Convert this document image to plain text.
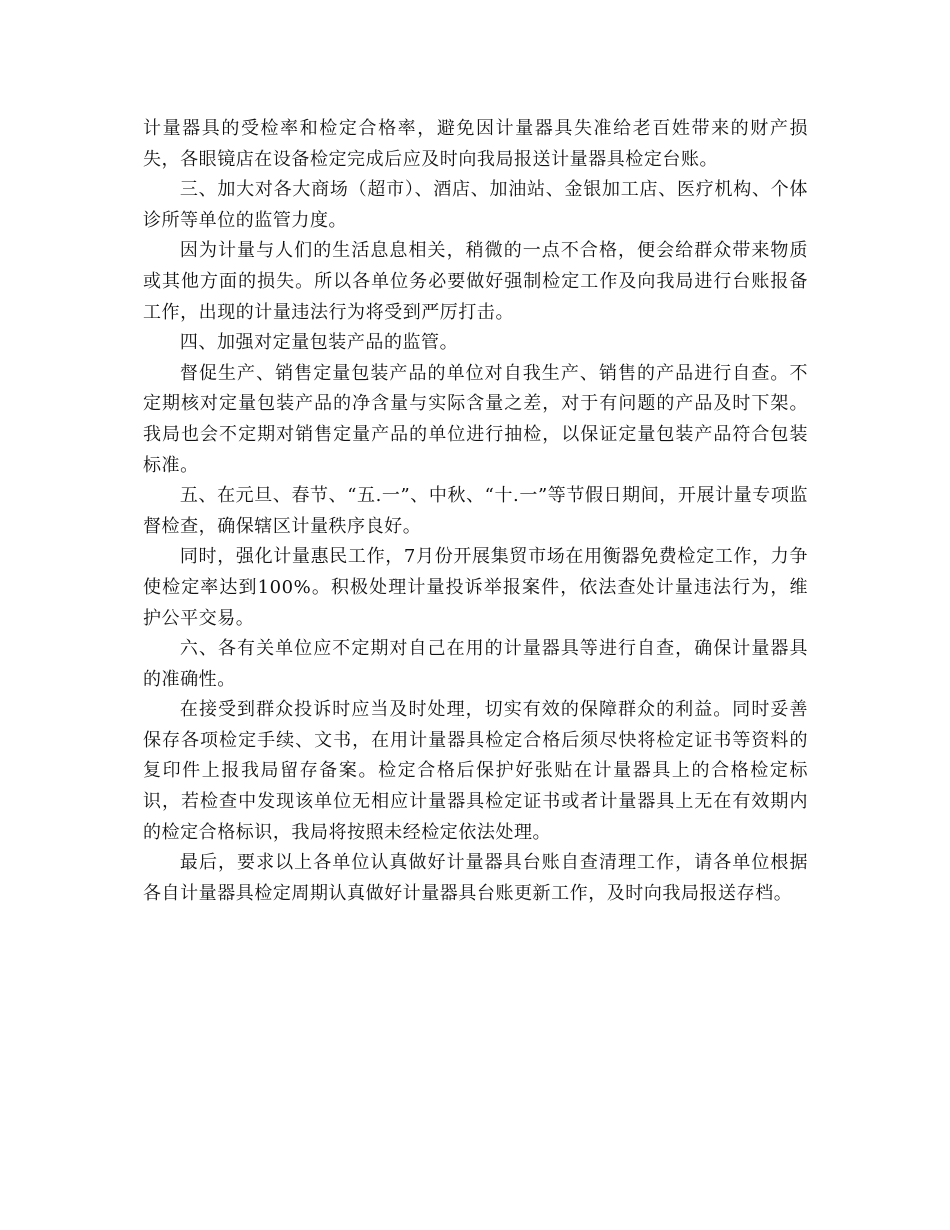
计量器具的受检率和检定合格率，避免因计量器具失准给老百姓带来的财产损失，各眼镜店在设备检定完成后应及时向我局报送计量器具检定台账。

三、加大对各大商场（超市）、酒店、加油站、金银加工店、医疗机构、个体诊所等单位的监管力度。

因为计量与人们的生活息息相关，稍微的一点不合格，便会给群众带来物质或其他方面的损失。所以各单位务必要做好强制检定工作及向我局进行台账报备工作，出现的计量违法行为将受到严厉打击。

四、加强对定量包装产品的监管。

督促生产、销售定量包装产品的单位对自我生产、销售的产品进行自查。不定期核对定量包装产品的净含量与实际含量之差，对于有问题的产品及时下架。我局也会不定期对销售定量产品的单位进行抽检，以保证定量包装产品符合包装标准。

五、在元旦、春节、“五.一”、中秋、“十.一”等节假日期间，开展计量专项监督检查，确保辖区计量秩序良好。

同时，强化计量惠民工作，7月份开展集贸市场在用衡器免费检定工作，力争使检定率达到100%。积极处理计量投诉举报案件，依法查处计量违法行为，维护公平交易。

六、各有关单位应不定期对自己在用的计量器具等进行自查，确保计量器具的准确性。

在接受到群众投诉时应当及时处理，切实有效的保障群众的利益。同时妥善保存各项检定手续、文书，在用计量器具检定合格后须尽快将检定证书等资料的复印件上报我局留存备案。检定合格后保护好张贴在计量器具上的合格检定标识，若检查中发现该单位无相应计量器具检定证书或者计量器具上无在有效期内的检定合格标识，我局将按照未经检定依法处理。

最后，要求以上各单位认真做好计量器具台账自查清理工作，请各单位根据各自计量器具检定周期认真做好计量器具台账更新工作，及时向我局报送存档。
